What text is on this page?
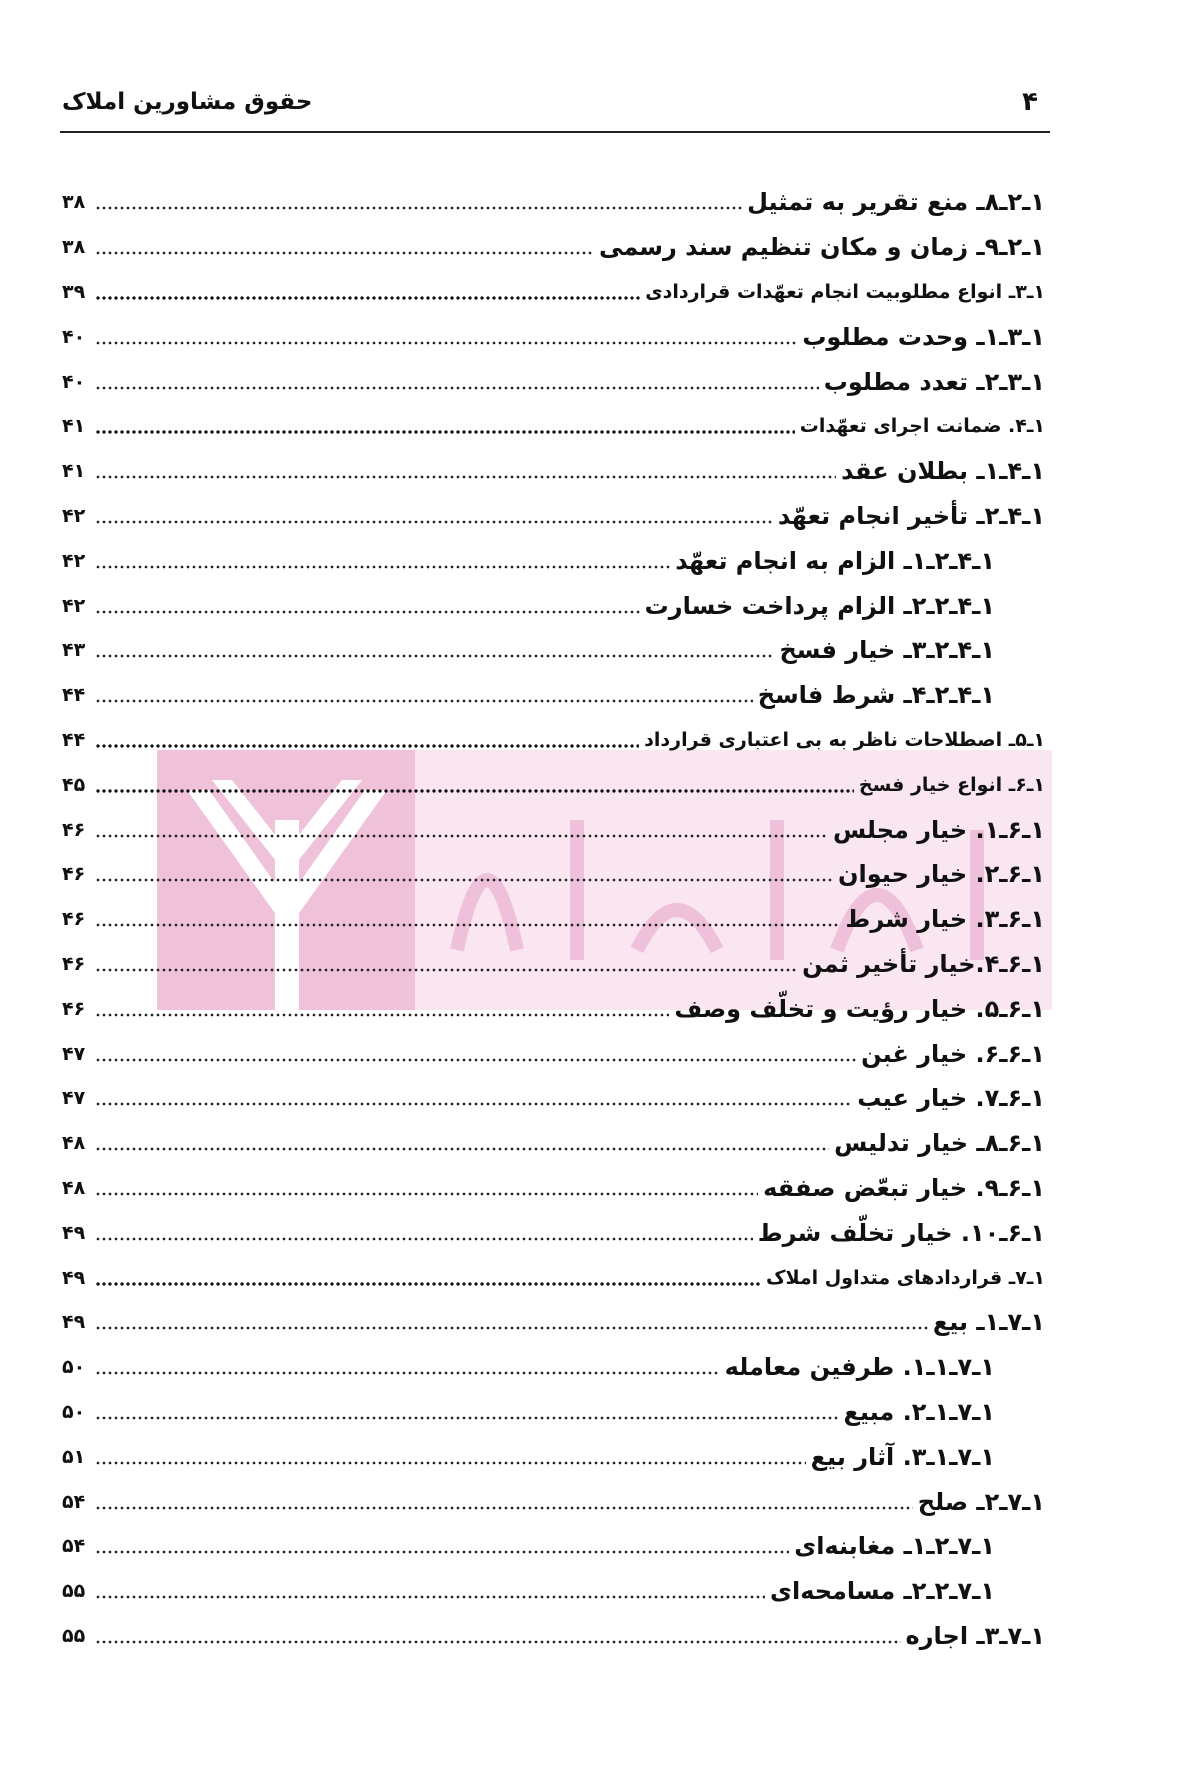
۴
حقوق مشاورین املاک
۱ـ۲ـ۸ـ منع تقریر به تمثیل
۳۸
۱ـ۲ـ۹ـ زمان و مکان تنظیم سند رسمی
۳۸
۱ـ۳ـ انواع مطلوبیت انجام تعهّدات قراردادی
۳۹
۱ـ۳ـ۱ـ وحدت مطلوب
۴۰
۱ـ۳ـ۲ـ تعدد مطلوب
۴۰
۱ـ۴. ضمانت اجرای تعهّدات
۴۱
۱ـ۴ـ۱ـ بطلان عقد
۴۱
۱ـ۴ـ۲ـ تأخیر انجام تعهّد
۴۲
۱ـ۴ـ۲ـ۱ـ الزام به انجام تعهّد
۴۲
۱ـ۴ـ۲ـ۲ـ الزام پرداخت خسارت
۴۲
۱ـ۴ـ۲ـ۳ـ خیار فسخ
۴۳
۱ـ۴ـ۲ـ۴ـ شرط فاسخ
۴۴
۱ـ۵ـ اصطلاحات ناظر به بی اعتباری قرارداد
۴۴
۱ـ۶ـ انواع خیار فسخ
۴۵
۱ـ۶ـ۱. خیار مجلس
۴۶
۱ـ۶ـ۲. خیار حیوان
۴۶
۱ـ۶ـ۳. خیار شرط
۴۶
۱ـ۶ـ۴.خیار تأخیر ثمن
۴۶
۱ـ۶ـ۵. خیار رؤیت و تخلّف وصف
۴۶
۱ـ۶ـ۶. خیار غبن
۴۷
۱ـ۶ـ۷. خیار عیب
۴۷
۱ـ۶ـ۸ـ خیار تدلیس
۴۸
۱ـ۶ـ۹. خیار تبعّض صفقه
۴۸
۱ـ۶ـ۱۰. خیار تخلّف شرط
۴۹
۱ـ۷ـ قراردادهای متداول املاک
۴۹
۱ـ۷ـ۱ـ بیع
۴۹
۱ـ۷ـ۱ـ۱. طرفین معامله
۵۰
۱ـ۷ـ۱ـ۲. مبیع
۵۰
۱ـ۷ـ۱ـ۳. آثار بیع
۵۱
۱ـ۷ـ۲ـ صلح
۵۴
۱ـ۷ـ۲ـ۱ـ مغابنه‌ای
۵۴
۱ـ۷ـ۲ـ۲ـ مسامحه‌ای
۵۵
۱ـ۷ـ۳ـ اجاره
۵۵
